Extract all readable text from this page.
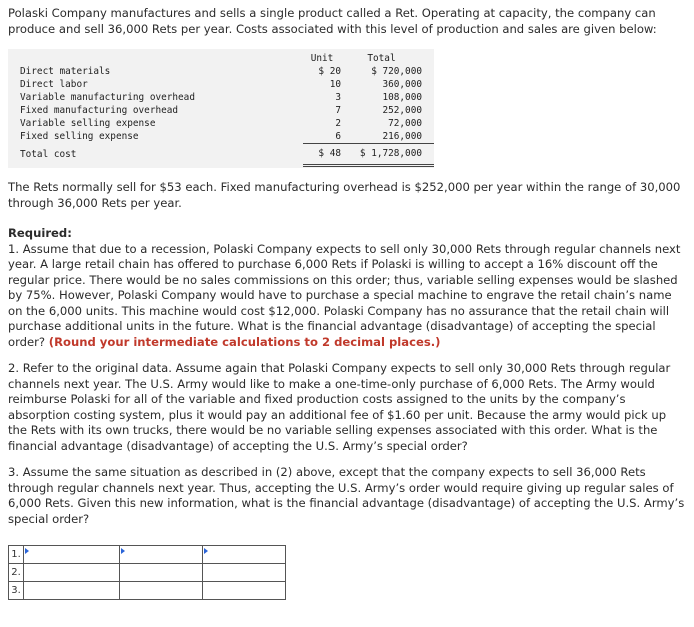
Polaski Company manufactures and sells a single product called a Ret. Operating at capacity, the company can produce and sell 36,000 Rets per year. Costs associated with this level of production and sales are given below:

	Unit	Total
Direct materials	$ 20	$ 720,000
Direct labor	10	360,000
Variable manufacturing overhead	3	108,000
Fixed manufacturing overhead	7	252,000
Variable selling expense	2	72,000
Fixed selling expense	6	216,000
Total cost	$ 48	$ 1,728,000

The Rets normally sell for $53 each. Fixed manufacturing overhead is $252,000 per year within the range of 30,000 through 36,000 Rets per year.

Required:
1. Assume that due to a recession, Polaski Company expects to sell only 30,000 Rets through regular channels next year. A large retail chain has offered to purchase 6,000 Rets if Polaski is willing to accept a 16% discount off the regular price. There would be no sales commissions on this order; thus, variable selling expenses would be slashed by 75%. However, Polaski Company would have to purchase a special machine to engrave the retail chain’s name on the 6,000 units. This machine would cost $12,000. Polaski Company has no assurance that the retail chain will purchase additional units in the future. What is the financial advantage (disadvantage) of accepting the special order? (Round your intermediate calculations to 2 decimal places.)

2. Refer to the original data. Assume again that Polaski Company expects to sell only 30,000 Rets through regular channels next year. The U.S. Army would like to make a one-time-only purchase of 6,000 Rets. The Army would reimburse Polaski for all of the variable and fixed production costs assigned to the units by the company’s absorption costing system, plus it would pay an additional fee of $1.60 per unit. Because the army would pick up the Rets with its own trucks, there would be no variable selling expenses associated with this order. What is the financial advantage (disadvantage) of accepting the U.S. Army’s special order?

3. Assume the same situation as described in (2) above, except that the company expects to sell 36,000 Rets through regular channels next year. Thus, accepting the U.S. Army’s order would require giving up regular sales of 6,000 Rets. Given this new information, what is the financial advantage (disadvantage) of accepting the U.S. Army’s special order?

1.	

2.			
3.			
